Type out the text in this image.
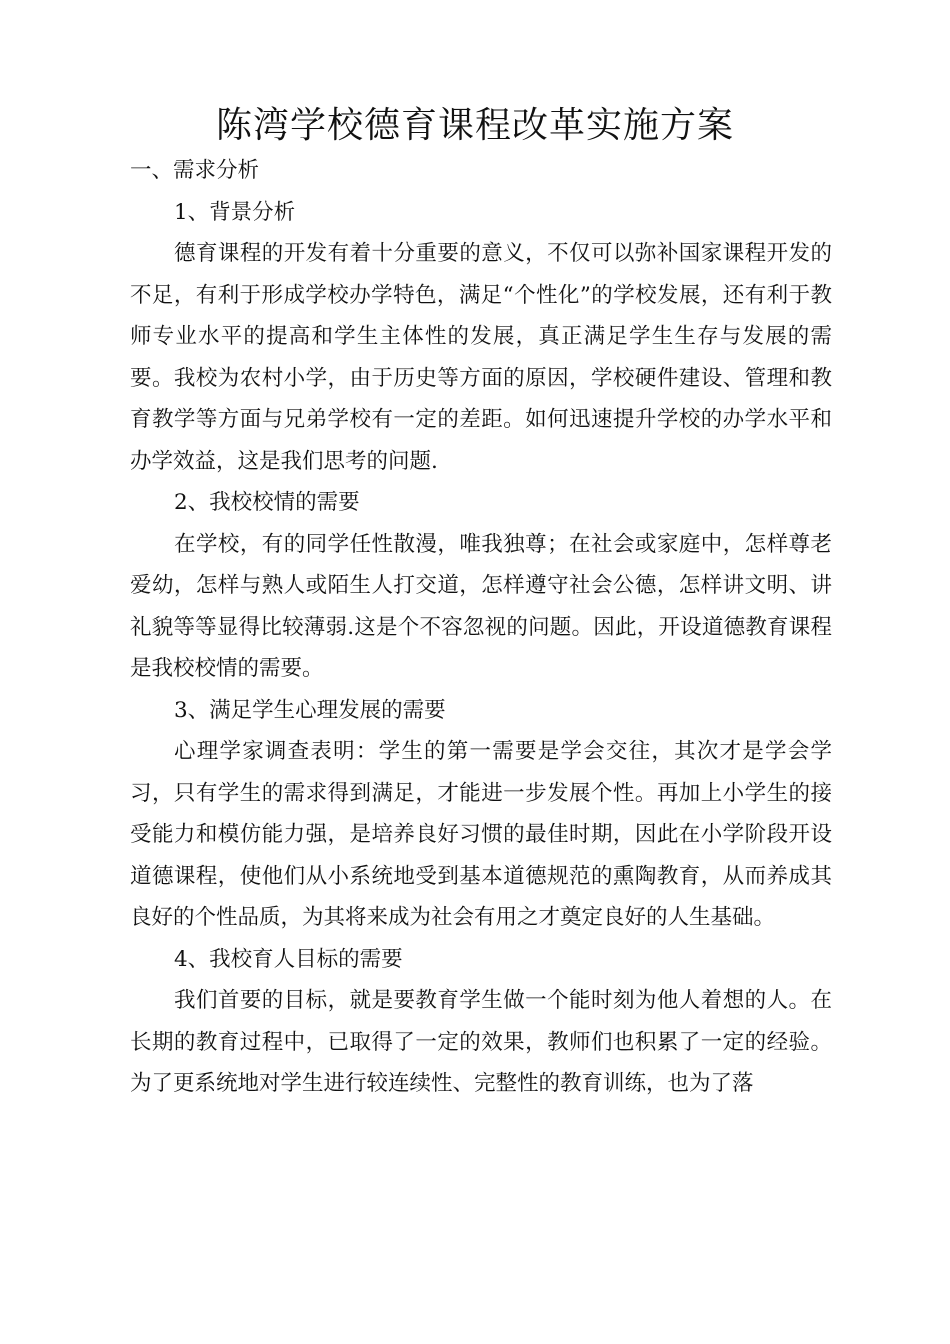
陈湾学校德育课程改革实施方案

一、需求分析

1、背景分析

德育课程的开发有着十分重要的意义，不仅可以弥补国家课程开发的不足，有利于形成学校办学特色，满足“个性化”的学校发展，还有利于教师专业水平的提高和学生主体性的发展，真正满足学生生存与发展的需要。我校为农村小学，由于历史等方面的原因，学校硬件建设、管理和教育教学等方面与兄弟学校有一定的差距。如何迅速提升学校的办学水平和办学效益，这是我们思考的问题.

2、我校校情的需要

在学校，有的同学任性散漫，唯我独尊；在社会或家庭中，怎样尊老爱幼，怎样与熟人或陌生人打交道，怎样遵守社会公德，怎样讲文明、讲礼貌等等显得比较薄弱.这是个不容忽视的问题。因此，开设道德教育课程是我校校情的需要。

3、满足学生心理发展的需要

心理学家调查表明：学生的第一需要是学会交往，其次才是学会学习，只有学生的需求得到满足，才能进一步发展个性。再加上小学生的接受能力和模仿能力强，是培养良好习惯的最佳时期，因此在小学阶段开设道德课程，使他们从小系统地受到基本道德规范的熏陶教育，从而养成其良好的个性品质，为其将来成为社会有用之才奠定良好的人生基础。

4、我校育人目标的需要

我们首要的目标，就是要教育学生做一个能时刻为他人着想的人。在长期的教育过程中，已取得了一定的效果，教师们也积累了一定的经验。为了更系统地对学生进行较连续性、完整性的教育训练，也为了落
